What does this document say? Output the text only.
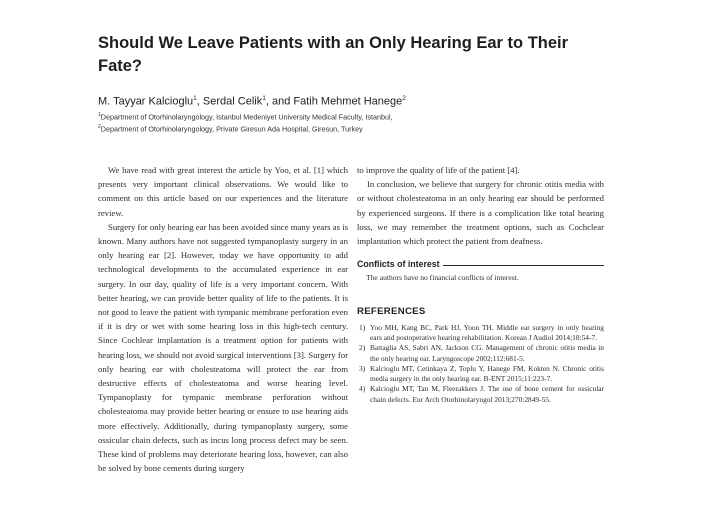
Should We Leave Patients with an Only Hearing Ear to Their Fate?
M. Tayyar Kalcioglu$^1$, Serdal Celik$^1$, and Fatih Mehmet Hanege$^2$
$^1$Department of Otorhinolaryngology, Istanbul Medeniyet University Medical Faculty, Istanbul,
$^2$Department of Otorhinolaryngology, Private Giresun Ada Hospital, Giresun, Turkey

We have read with great interest the article by Yoo, et al. [1] which presents very important clinical observations. We would like to comment on this article based on our experiences and the literature review.

Surgery for only hearing ear has been avoided since many years as is known. Many authors have not suggested tympanoplasty surgery in an only hearing ear [2]. However, today we have opportunity to add technological developments to the accumulated experience in ear surgery. In our day, quality of life is a very important concern. With better hearing, we can provide better quality of life to the patients. It is not good to leave the patient with tympanic membrane perforation even if it is dry or wet with some hearing loss in this high-tech century. Since Cochlear implantation is a treatment option for patients with hearing loss, we should not avoid surgical interventions [3]. Surgery for only hearing ear with cholesteatoma will protect the ear from destructive effects of cholesteatoma and worse hearing level. Tympanoplasty for tympanic membrane perforation without cholesteatoma may provide better hearing or ensure to use hearing aids more effectively. Additionally, during tympanoplasty surgery, some ossicular chain defects, such as incus long process defect may be seen. These kind of problems may deteriorate hearing loss, however, can also be solved by bone cements during surgery

to improve the quality of life of the patient [4].

In conclusion, we believe that surgery for chronic otitis media with or without cholesteatoma in an only hearing ear should be performed by experienced surgeons. If there is a complication like total hearing loss, we may remember the treatment options, such as Cochclear implantation which protect the patient from deafness.

Conflicts of interest
The authors have no financial conflicts of interest.
REFERENCES
1) Yoo MH, Kang BC, Park HJ, Yoon TH. Middle ear surgery in only hearing ears and postoperative hearing rehabilitation. Korean J Audiol 2014;18:54-7.
2) Battaglia AS, Sabri AN, Jackson CG. Management of chronic otitis media in the only hearing ear. Laryngoscope 2002;112:681-5.
3) Kalcioglu MT, Cetinkaya Z, Toplu Y, Hanege FM, Kokten N. Chronic otitis media surgery in the only hearing ear. B-ENT 2015;11:223-7.
4) Kalcioglu MT, Tan M, Fleerakkers J. The use of bone cement for ossicular chain defects. Eur Arch Otorhinolaryngol 2013;270:2849-55.
